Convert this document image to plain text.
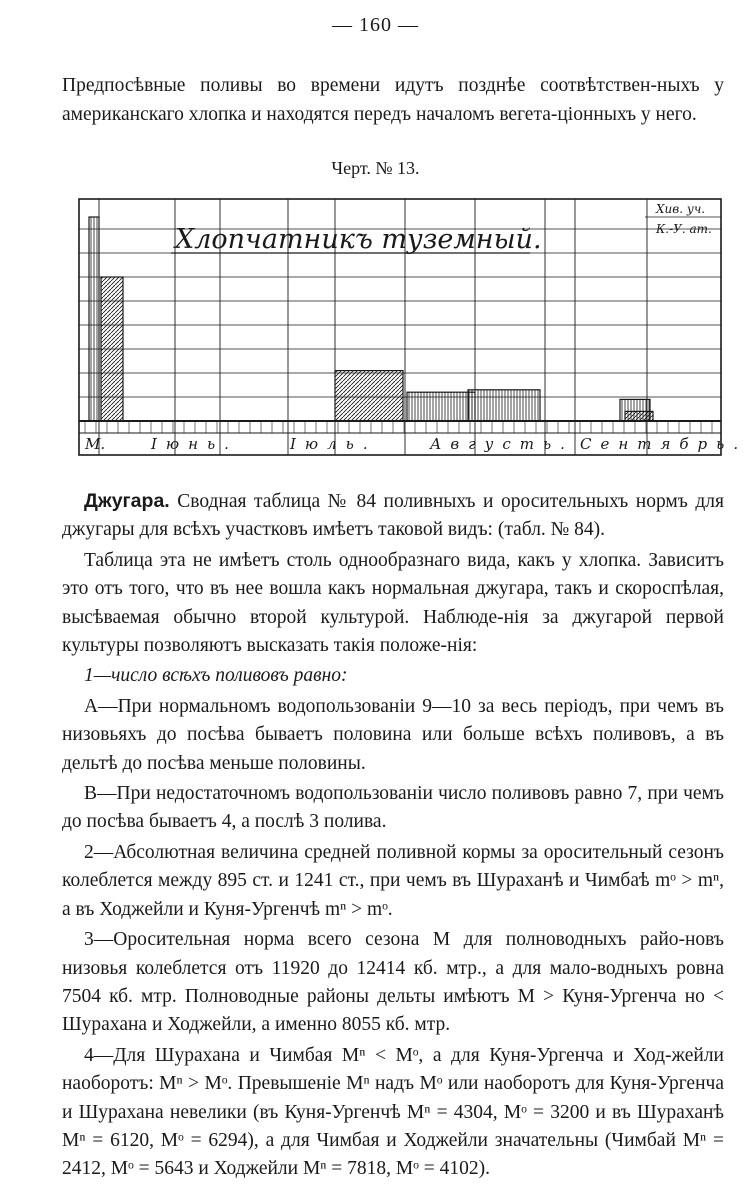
— 160 —
Предпосѣвные поливы во времени идутъ позднѣе соотвѣтствен-ныхъ у американскаго хлопка и находятся передъ началомъ вегета-ціонныхъ у него.
Черт. № 13.
Хлопчатникъ туземный.
Хив. уч.
К.-У. ат.
М.	Іюнь.	Іюль.	Августь. Сентябрь.

Джугара. Сводная таблица № 84 поливныхъ и оросительныхъ нормъ для джугары для всѣхъ участковъ имѣетъ таковой видъ: (табл. № 84).

Таблица эта не имѣетъ столь однообразнаго вида, какъ у хлопка. Зависитъ это отъ того, что въ нее вошла какъ нормальная джугара, такъ и скороспѣлая, высѣваемая обычно второй культурой. Наблюде-нія за джугарой первой культуры позволяютъ высказать такія положе-нія:

1—число всѣхъ поливовъ равно:

А—При нормальномъ водопользованіи 9—10 за весь періодъ, при чемъ въ низовьяхъ до посѣва бываетъ половина или больше всѣхъ поливовъ, а въ дельтѣ до посѣва меньше половины.

В—При недостаточномъ водопользованіи число поливовъ равно 7, при чемъ до посѣва бываетъ 4, а послѣ 3 полива.

2—Абсолютная величина средней поливной кормы за оросительный сезонъ колеблется между 895 ст. и 1241 ст., при чемъ въ Шураханѣ и Чимбаѣ mᵒ > mⁿ, а въ Ходжейли и Куня-Ургенчѣ mⁿ > mᵒ.

3—Оросительная норма всего сезона M для полноводныхъ райо-новъ низовья колеблется отъ 11920 до 12414 кб. мтр., а для мало-водныхъ ровна 7504 кб. мтр. Полноводные районы дельты имѣютъ M > Куня-Ургенча но < Шурахана и Ходжейли, а именно 8055 кб. мтр.

4—Для Шурахана и Чимбая Mⁿ < Mᵒ, а для Куня-Ургенча и Ход-жейли наоборотъ: Mⁿ > Mᵒ. Превышеніе Mⁿ надъ Mᵒ или наоборотъ для Куня-Ургенча и Шурахана невелики (въ Куня-Ургенчѣ Mⁿ = 4304, Mᵒ = 3200 и въ Шураханѣ Mⁿ = 6120, Mᵒ = 6294), а для Чимбая и Ходжейли значательны (Чимбай Mⁿ = 2412, Mᵒ = 5643 и Ходжейли Mⁿ = 7818, Mᵒ = 4102).
